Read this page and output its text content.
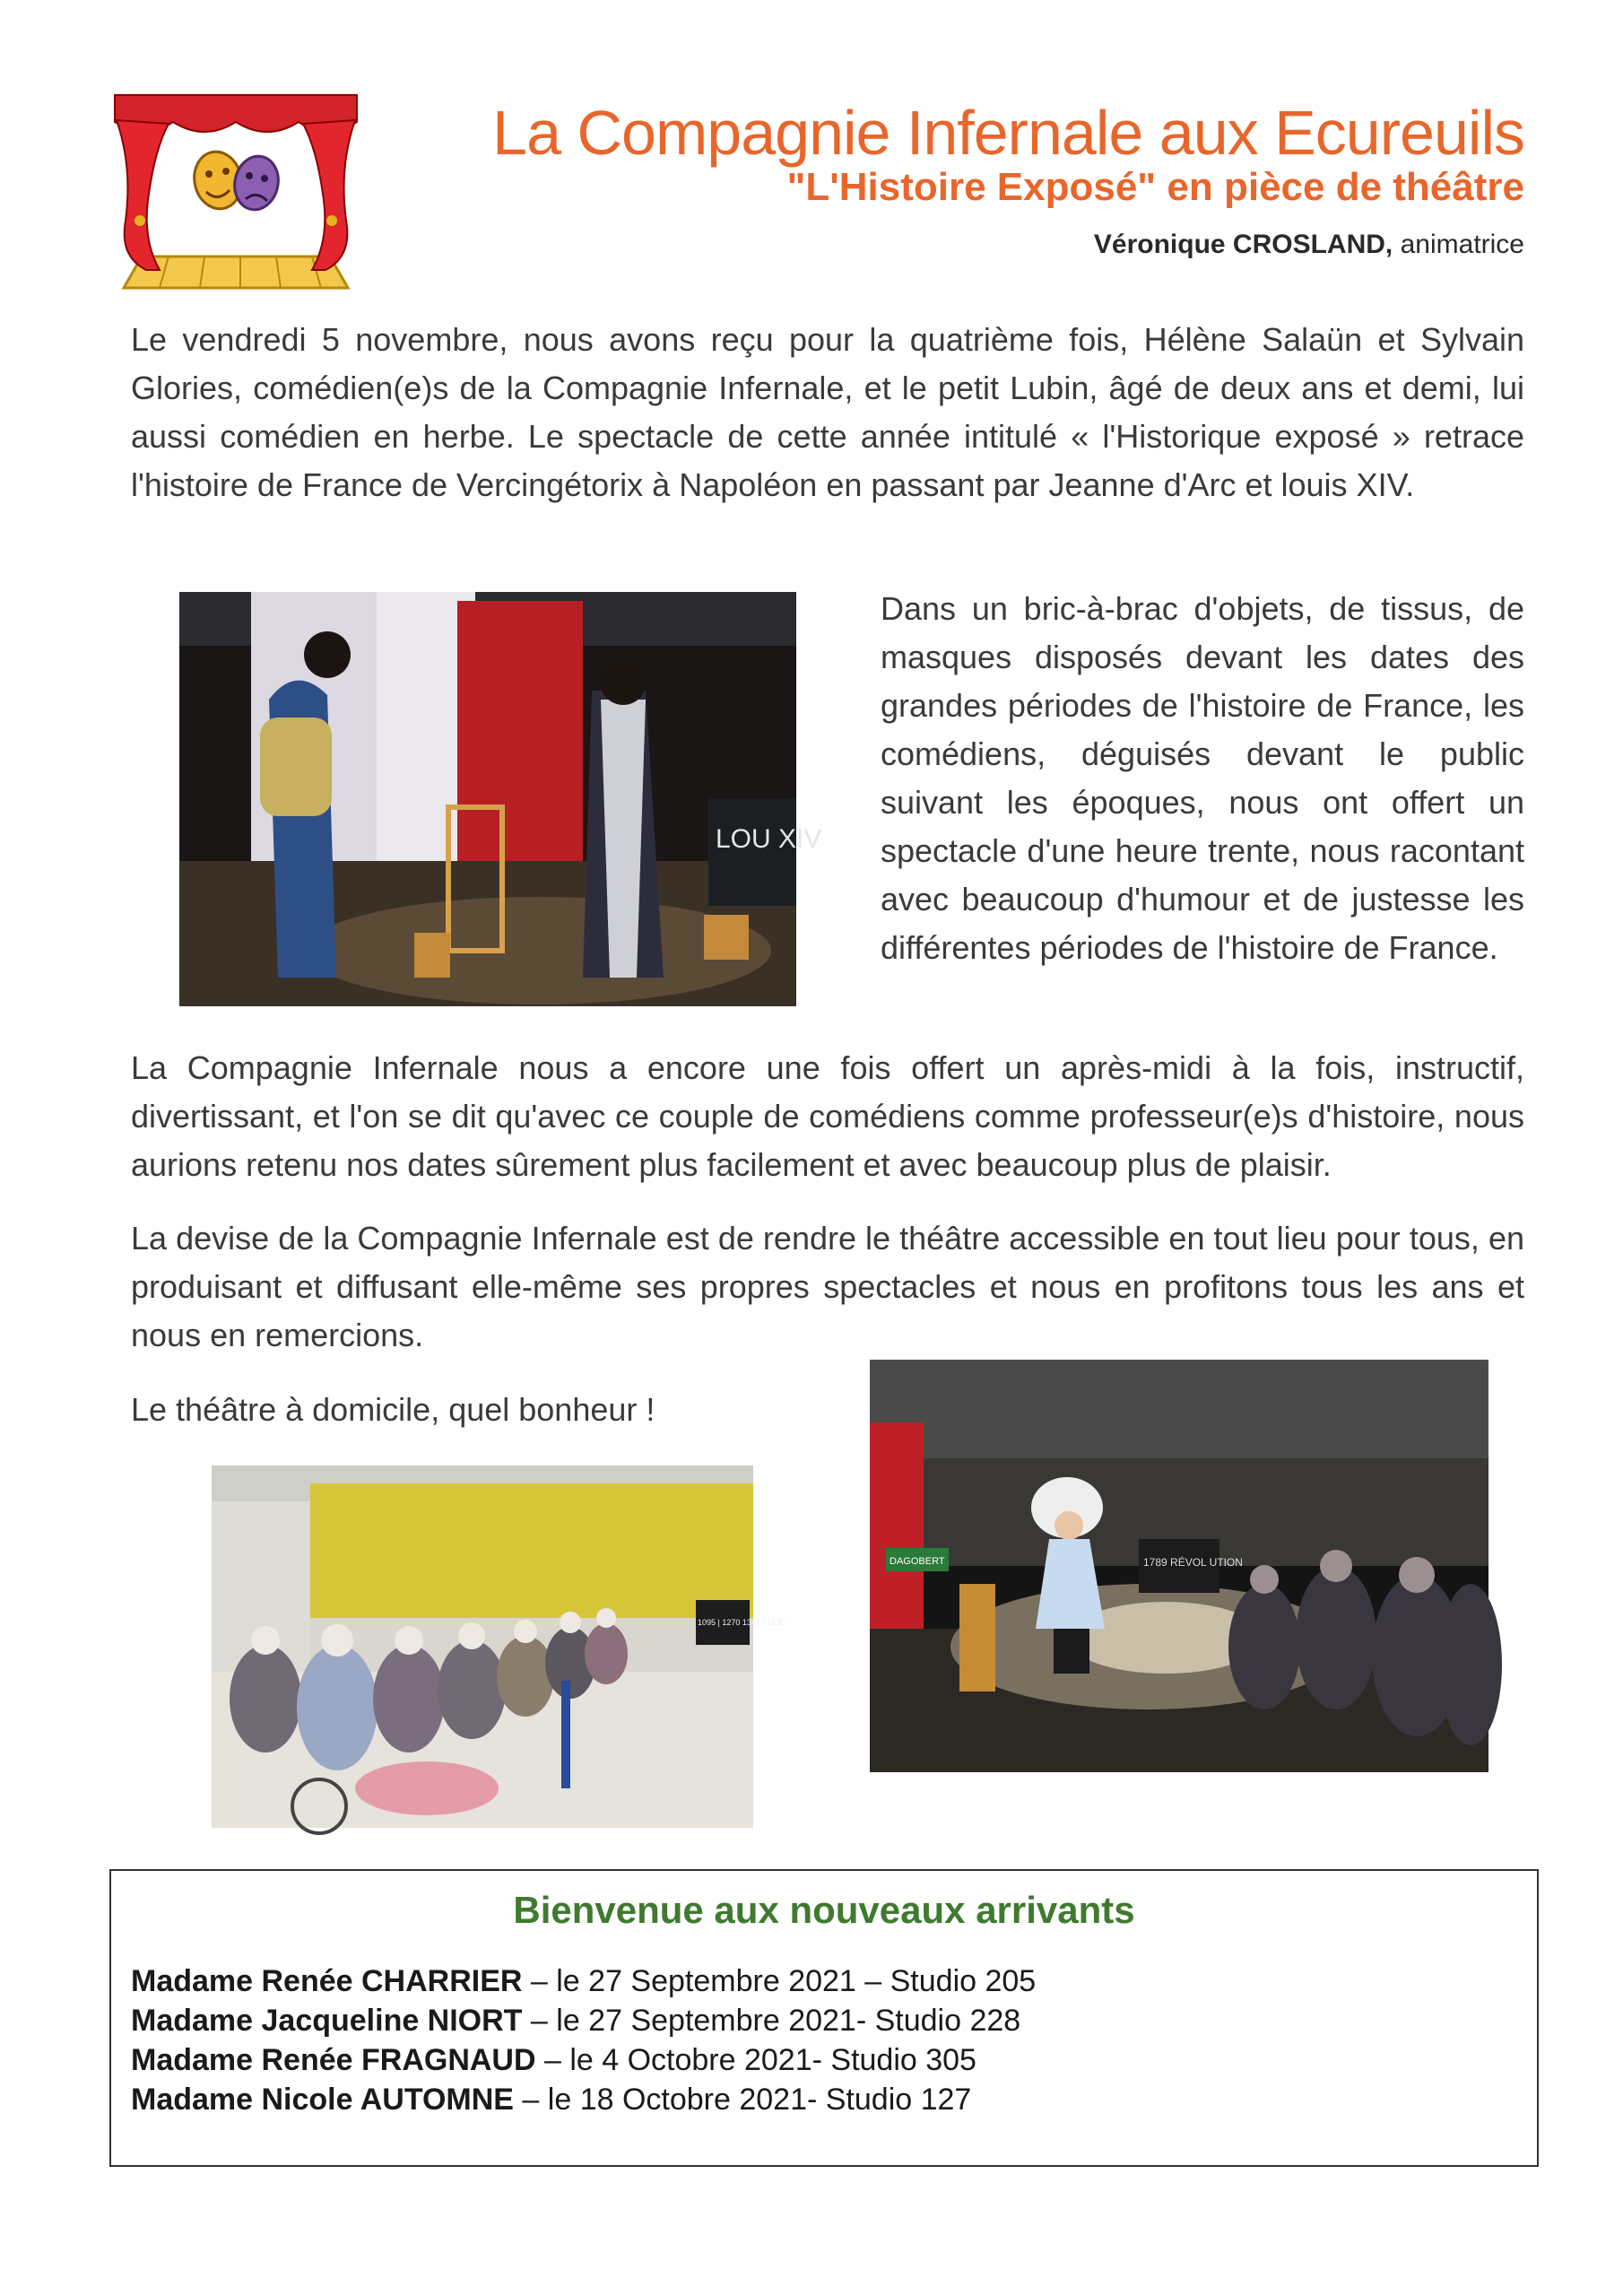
La Compagnie Infernale aux Ecureuils
"L'Histoire Exposé" en pièce de théâtre
Véronique CROSLAND, animatrice
Le vendredi 5 novembre, nous avons reçu pour la quatrième fois, Hélène Salaün et Sylvain Glories, comédien(e)s de la Compagnie Infernale, et le petit Lubin, âgé de deux ans et demi, lui aussi comédien en herbe. Le spectacle de cette année intitulé « l'Historique exposé » retrace l'histoire de France de Vercingétorix à Napoléon en passant par Jeanne d'Arc et louis XIV.
LOU XIV
Dans un bric-à-brac d'objets, de tissus, de masques disposés devant les dates des grandes périodes de l'histoire de France, les comédiens, déguisés devant le public suivant les époques, nous ont offert un spectacle d'une heure trente, nous racontant avec beaucoup d'humour et de justesse les différentes périodes de l'histoire de France.
La Compagnie Infernale nous a encore une fois offert un après-midi à la fois, instructif, divertissant, et l'on se dit qu'avec ce couple de comédiens comme professeur(e)s d'histoire, nous aurions retenu nos dates sûrement plus facilement et avec beaucoup plus de plaisir.
La devise de la Compagnie Infernale est de rendre le théâtre accessible en tout lieu pour tous, en produisant et diffusant elle-même ses propres spectacles et nous en profitons tous les ans et nous en remercions.
Le théâtre à domicile, quel bonheur !
1095 | 1270 1346 | 1430
DAGOBERT	1789 RÉVOL UTION
Bienvenue aux nouveaux arrivants
Madame Renée CHARRIER – le 27 Septembre 2021 – Studio 205
Madame Jacqueline NIORT – le 27 Septembre 2021- Studio 228
Madame Renée FRAGNAUD – le 4 Octobre 2021- Studio 305
Madame Nicole AUTOMNE – le 18 Octobre 2021- Studio 127
